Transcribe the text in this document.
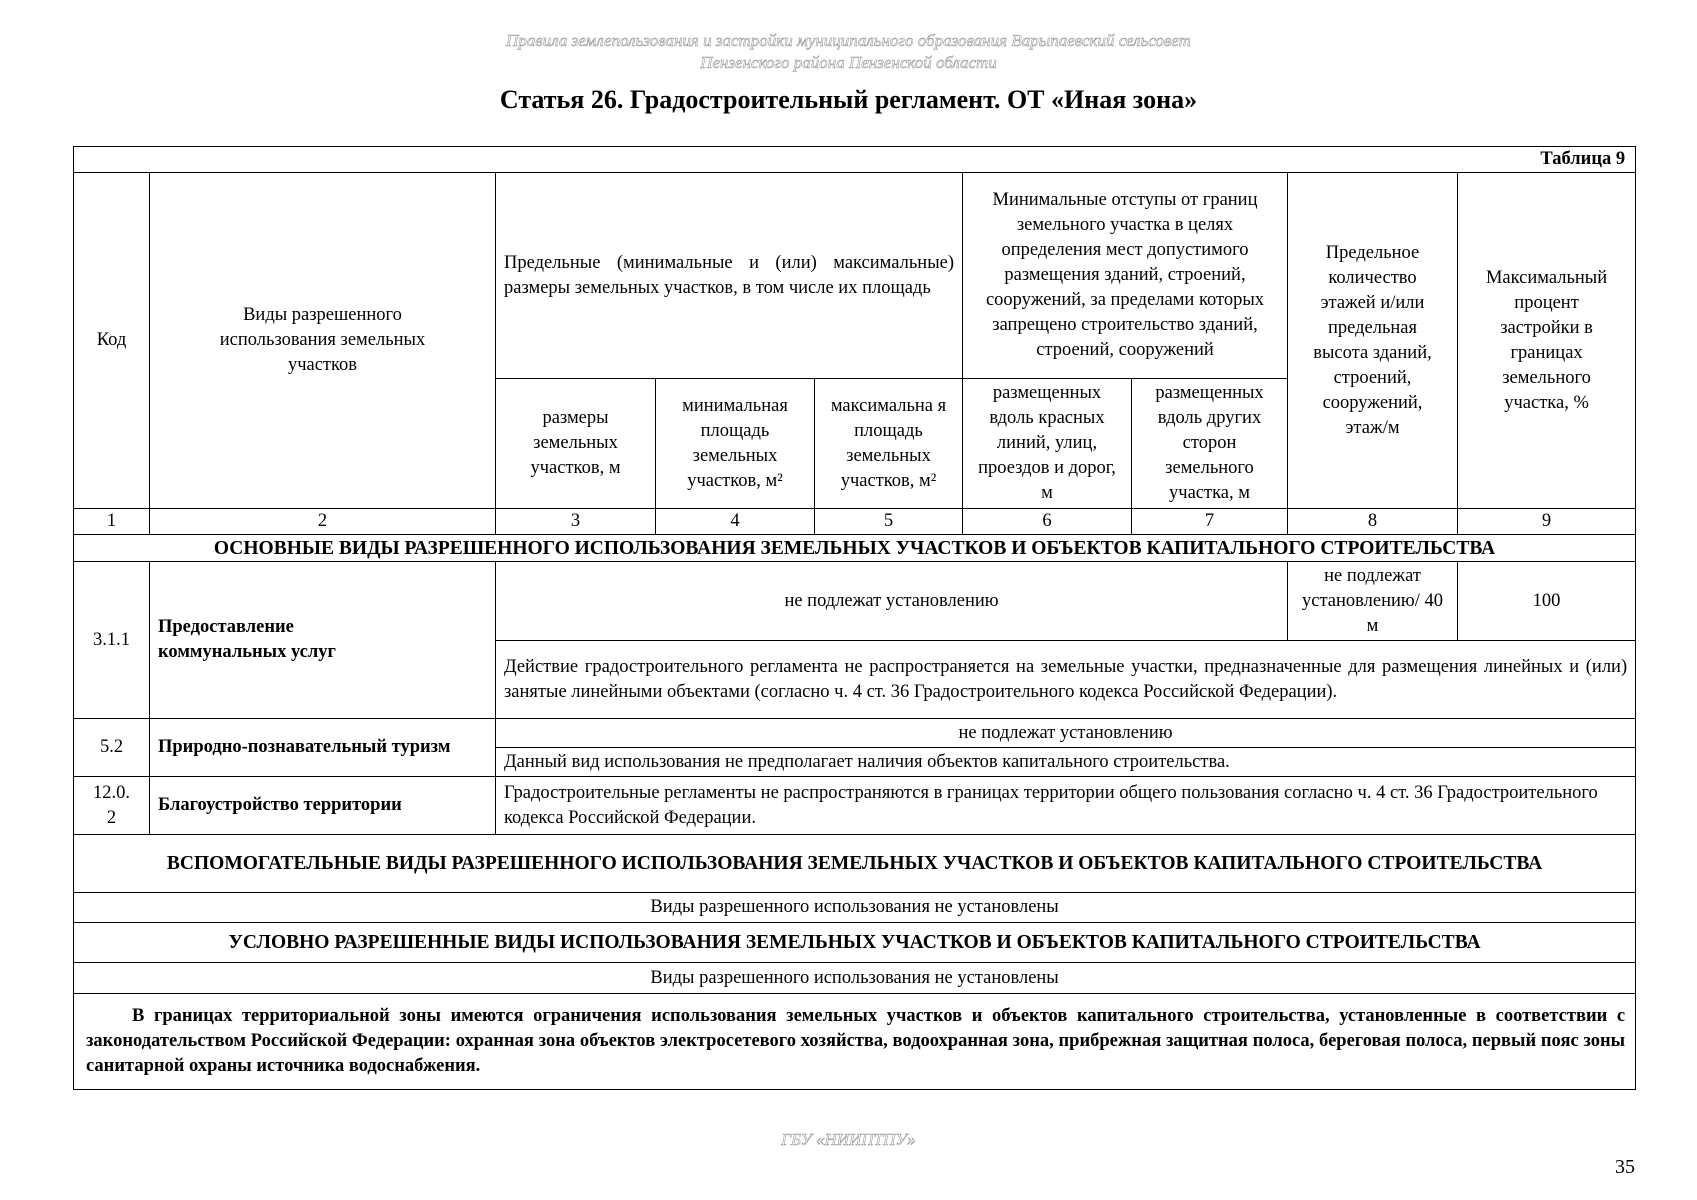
Правила землепользования и застройки муниципального образования Варыпаевский сельсовет
Пензенского района Пензенской области
Статья 26. Градостроительный регламент. ОТ «Иная зона»
Таблица 9								
Код	Виды разрешенного использования земельных участков	Предельные (минимальные и (или) максимальные) размеры земельных участков, в том числе их площадь			Минимальные отступы от границ земельного участка в целях определения мест допустимого размещения зданий, строений, сооружений, за пределами которых запрещено строительство зданий, строений, сооружений		Предельное количество этажей и/или предельная высота зданий, строений, сооружений, этаж/м	Максимальный процент застройки в границах земельного участка, %
		размеры земельных участков, м	минимальная площадь земельных участков, м²	максимальна я площадь земельных участков, м²	размещенных вдоль красных линий, улиц, проездов и дорог, м	размещенных вдоль других сторон земельного участка, м		
1	2	3	4	5	6	7	8	9
ОСНОВНЫЕ ВИДЫ РАЗРЕШЕННОГО ИСПОЛЬЗОВАНИЯ ЗЕМЕЛЬНЫХ УЧАСТКОВ И ОБЪЕКТОВ КАПИТАЛЬНОГО СТРОИТЕЛЬСТВА								
3.1.1	Предоставление коммунальных услуг	не подлежат установлению					не подлежат установлению/ 40 м	100
		Действие градостроительного регламента не распространяется на земельные участки, предназначенные для размещения линейных и (или) занятые линейными объектами (согласно ч. 4 ст. 36 Градостроительного кодекса Российской Федерации).						
5.2	Природно-познавательный туризм	не подлежат установлению						
		Данный вид использования не предполагает наличия объектов капитального строительства.						
12.0. 2	Благоустройство территории	Градостроительные регламенты не распространяются в границах территории общего пользования согласно ч. 4 ст. 36 Градостроительного кодекса Российской Федерации.						
ВСПОМОГАТЕЛЬНЫЕ ВИДЫ РАЗРЕШЕННОГО ИСПОЛЬЗОВАНИЯ ЗЕМЕЛЬНЫХ УЧАСТКОВ И ОБЪЕКТОВ КАПИТАЛЬНОГО СТРОИТЕЛЬСТВА								
Виды разрешенного использования не установлены								
УСЛОВНО РАЗРЕШЕННЫЕ ВИДЫ ИСПОЛЬЗОВАНИЯ ЗЕМЕЛЬНЫХ УЧАСТКОВ И ОБЪЕКТОВ КАПИТАЛЬНОГО СТРОИТЕЛЬСТВА								
Виды разрешенного использования не установлены								
В границах территориальной зоны имеются ограничения использования земельных участков и объектов капитального строительства, установленные в соответствии с законодательством Российской Федерации: охранная зона объектов электросетевого хозяйства, водоохранная зона, прибрежная защитная полоса, береговая полоса, первый пояс зоны санитарной охраны источника водоснабжения.								
ГБУ «НИИПТПУ»
35
